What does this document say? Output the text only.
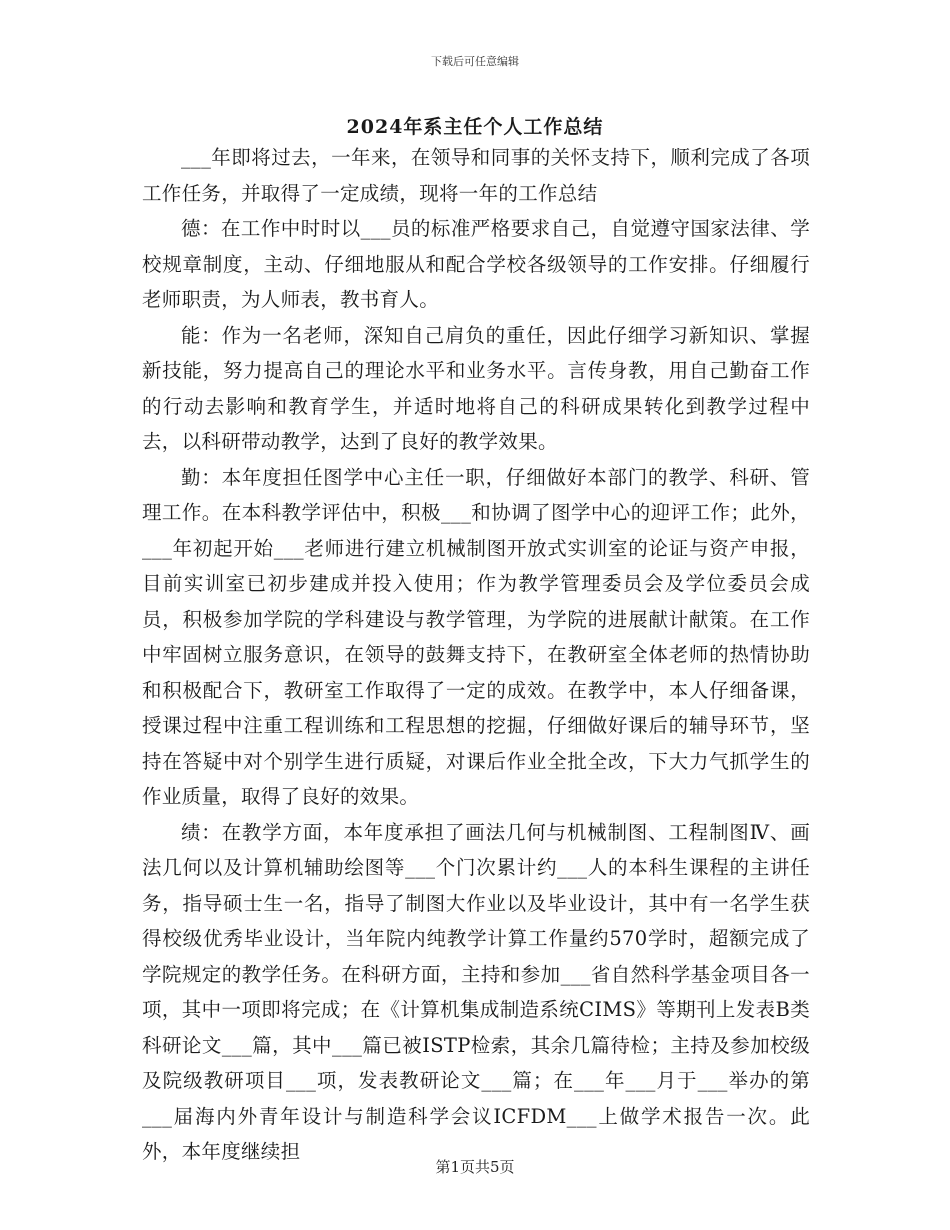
下载后可任意编辑
2024年系主任个人工作总结

___年即将过去，一年来，在领导和同事的关怀支持下，顺利完成了各项工作任务，并取得了一定成绩，现将一年的工作总结

德：在工作中时时以___员的标准严格要求自己，自觉遵守国家法律、学校规章制度，主动、仔细地服从和配合学校各级领导的工作安排。仔细履行老师职责，为人师表，教书育人。

能：作为一名老师，深知自己肩负的重任，因此仔细学习新知识、掌握新技能，努力提高自己的理论水平和业务水平。言传身教，用自己勤奋工作的行动去影响和教育学生，并适时地将自己的科研成果转化到教学过程中去，以科研带动教学，达到了良好的教学效果。

勤：本年度担任图学中心主任一职，仔细做好本部门的教学、科研、管理工作。在本科教学评估中，积极___和协调了图学中心的迎评工作；此外，___年初起开始___老师进行建立机械制图开放式实训室的论证与资产申报，目前实训室已初步建成并投入使用；作为教学管理委员会及学位委员会成员，积极参加学院的学科建设与教学管理，为学院的进展献计献策。在工作中牢固树立服务意识，在领导的鼓舞支持下，在教研室全体老师的热情协助和积极配合下，教研室工作取得了一定的成效。在教学中，本人仔细备课，授课过程中注重工程训练和工程思想的挖掘，仔细做好课后的辅导环节，坚持在答疑中对个别学生进行质疑，对课后作业全批全改，下大力气抓学生的作业质量，取得了良好的效果。

绩：在教学方面，本年度承担了画法几何与机械制图、工程制图Ⅳ、画法几何以及计算机辅助绘图等___个门次累计约___人的本科生课程的主讲任务，指导硕士生一名，指导了制图大作业以及毕业设计，其中有一名学生获得校级优秀毕业设计，当年院内纯教学计算工作量约570学时，超额完成了学院规定的教学任务。在科研方面，主持和参加___省自然科学基金项目各一项，其中一项即将完成；在《计算机集成制造系统CIMS》等期刊上发表B类科研论文___篇，其中___篇已被ISTP检索，其余几篇待检；主持及参加校级及院级教研项目___项，发表教研论文___篇；在___年___月于___举办的第___届海内外青年设计与制造科学会议ICFDM___上做学术报告一次。此外，本年度继续担

第1页共5页
